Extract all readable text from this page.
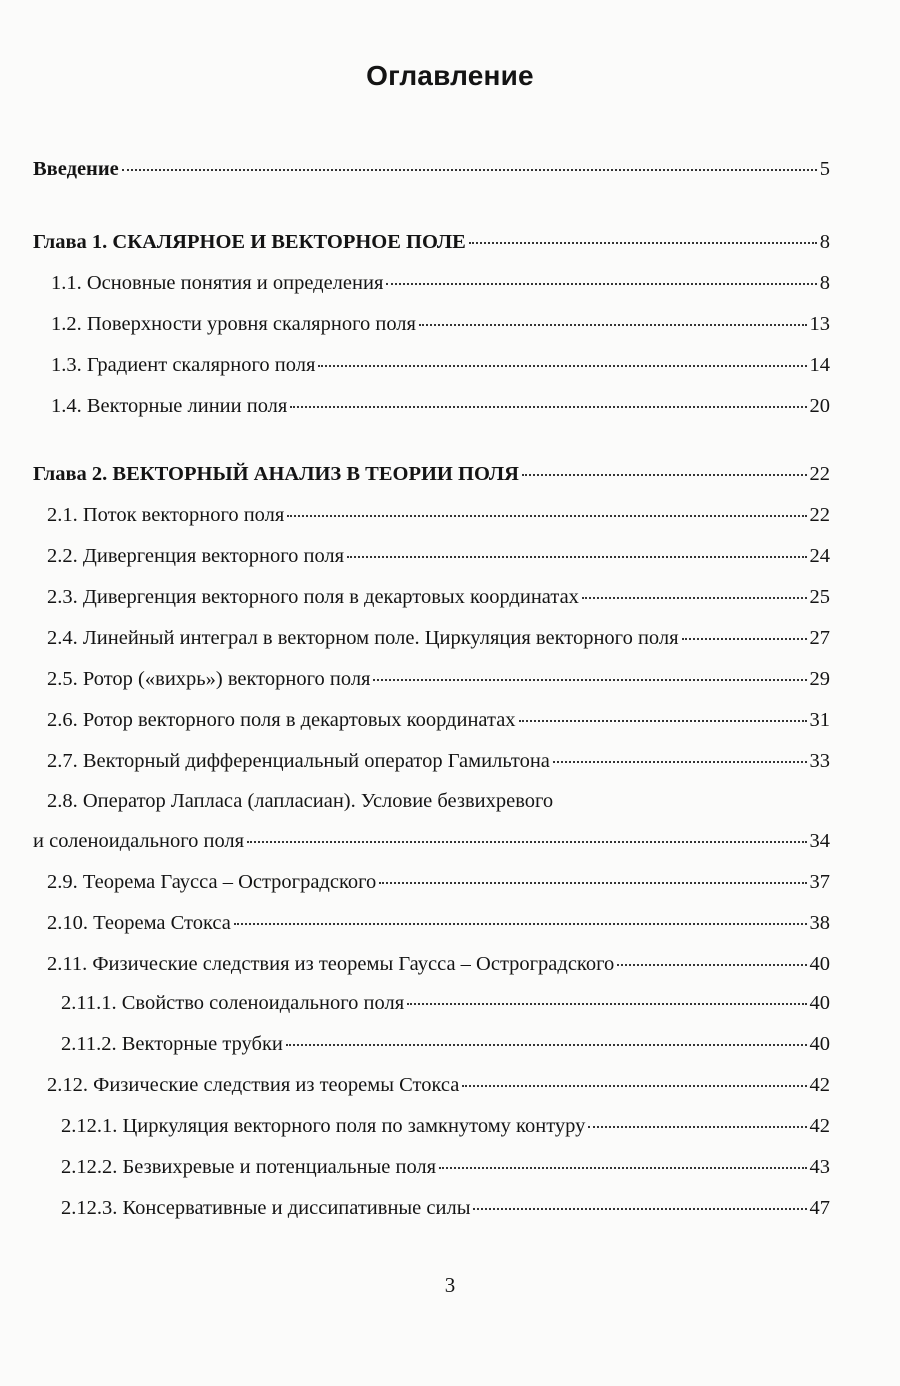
Оглавление
Введение	5
Глава 1. СКАЛЯРНОЕ И ВЕКТОРНОЕ ПОЛЕ	8
1.1. Основные понятия и определения	8
1.2. Поверхности уровня скалярного поля	13
1.3. Градиент скалярного поля	14
1.4. Векторные линии поля	20
Глава 2. ВЕКТОРНЫЙ АНАЛИЗ В ТЕОРИИ ПОЛЯ	22
2.1. Поток векторного поля	22
2.2. Дивергенция векторного поля	24
2.3. Дивергенция векторного поля в декартовых координатах	25
2.4. Линейный интеграл в векторном поле. Циркуляция векторного поля	27
2.5. Ротор («вихрь») векторного поля	29
2.6. Ротор векторного поля в декартовых координатах	31
2.7. Векторный дифференциальный оператор Гамильтона	33
2.8. Оператор Лапласа (лапласиан). Условие безвихревого
и соленоидального поля	34
2.9. Теорема Гаусса – Остроградского	37
2.10. Теорема Стокса	38
2.11. Физические следствия из теоремы Гаусса – Остроградского	40
2.11.1. Свойство соленоидального поля	40
2.11.2. Векторные трубки	40
2.12. Физические следствия из теоремы Стокса	42
2.12.1. Циркуляция векторного поля по замкнутому контуру	42
2.12.2. Безвихревые и потенциальные поля	43
2.12.3. Консервативные и диссипативные силы	47
3
